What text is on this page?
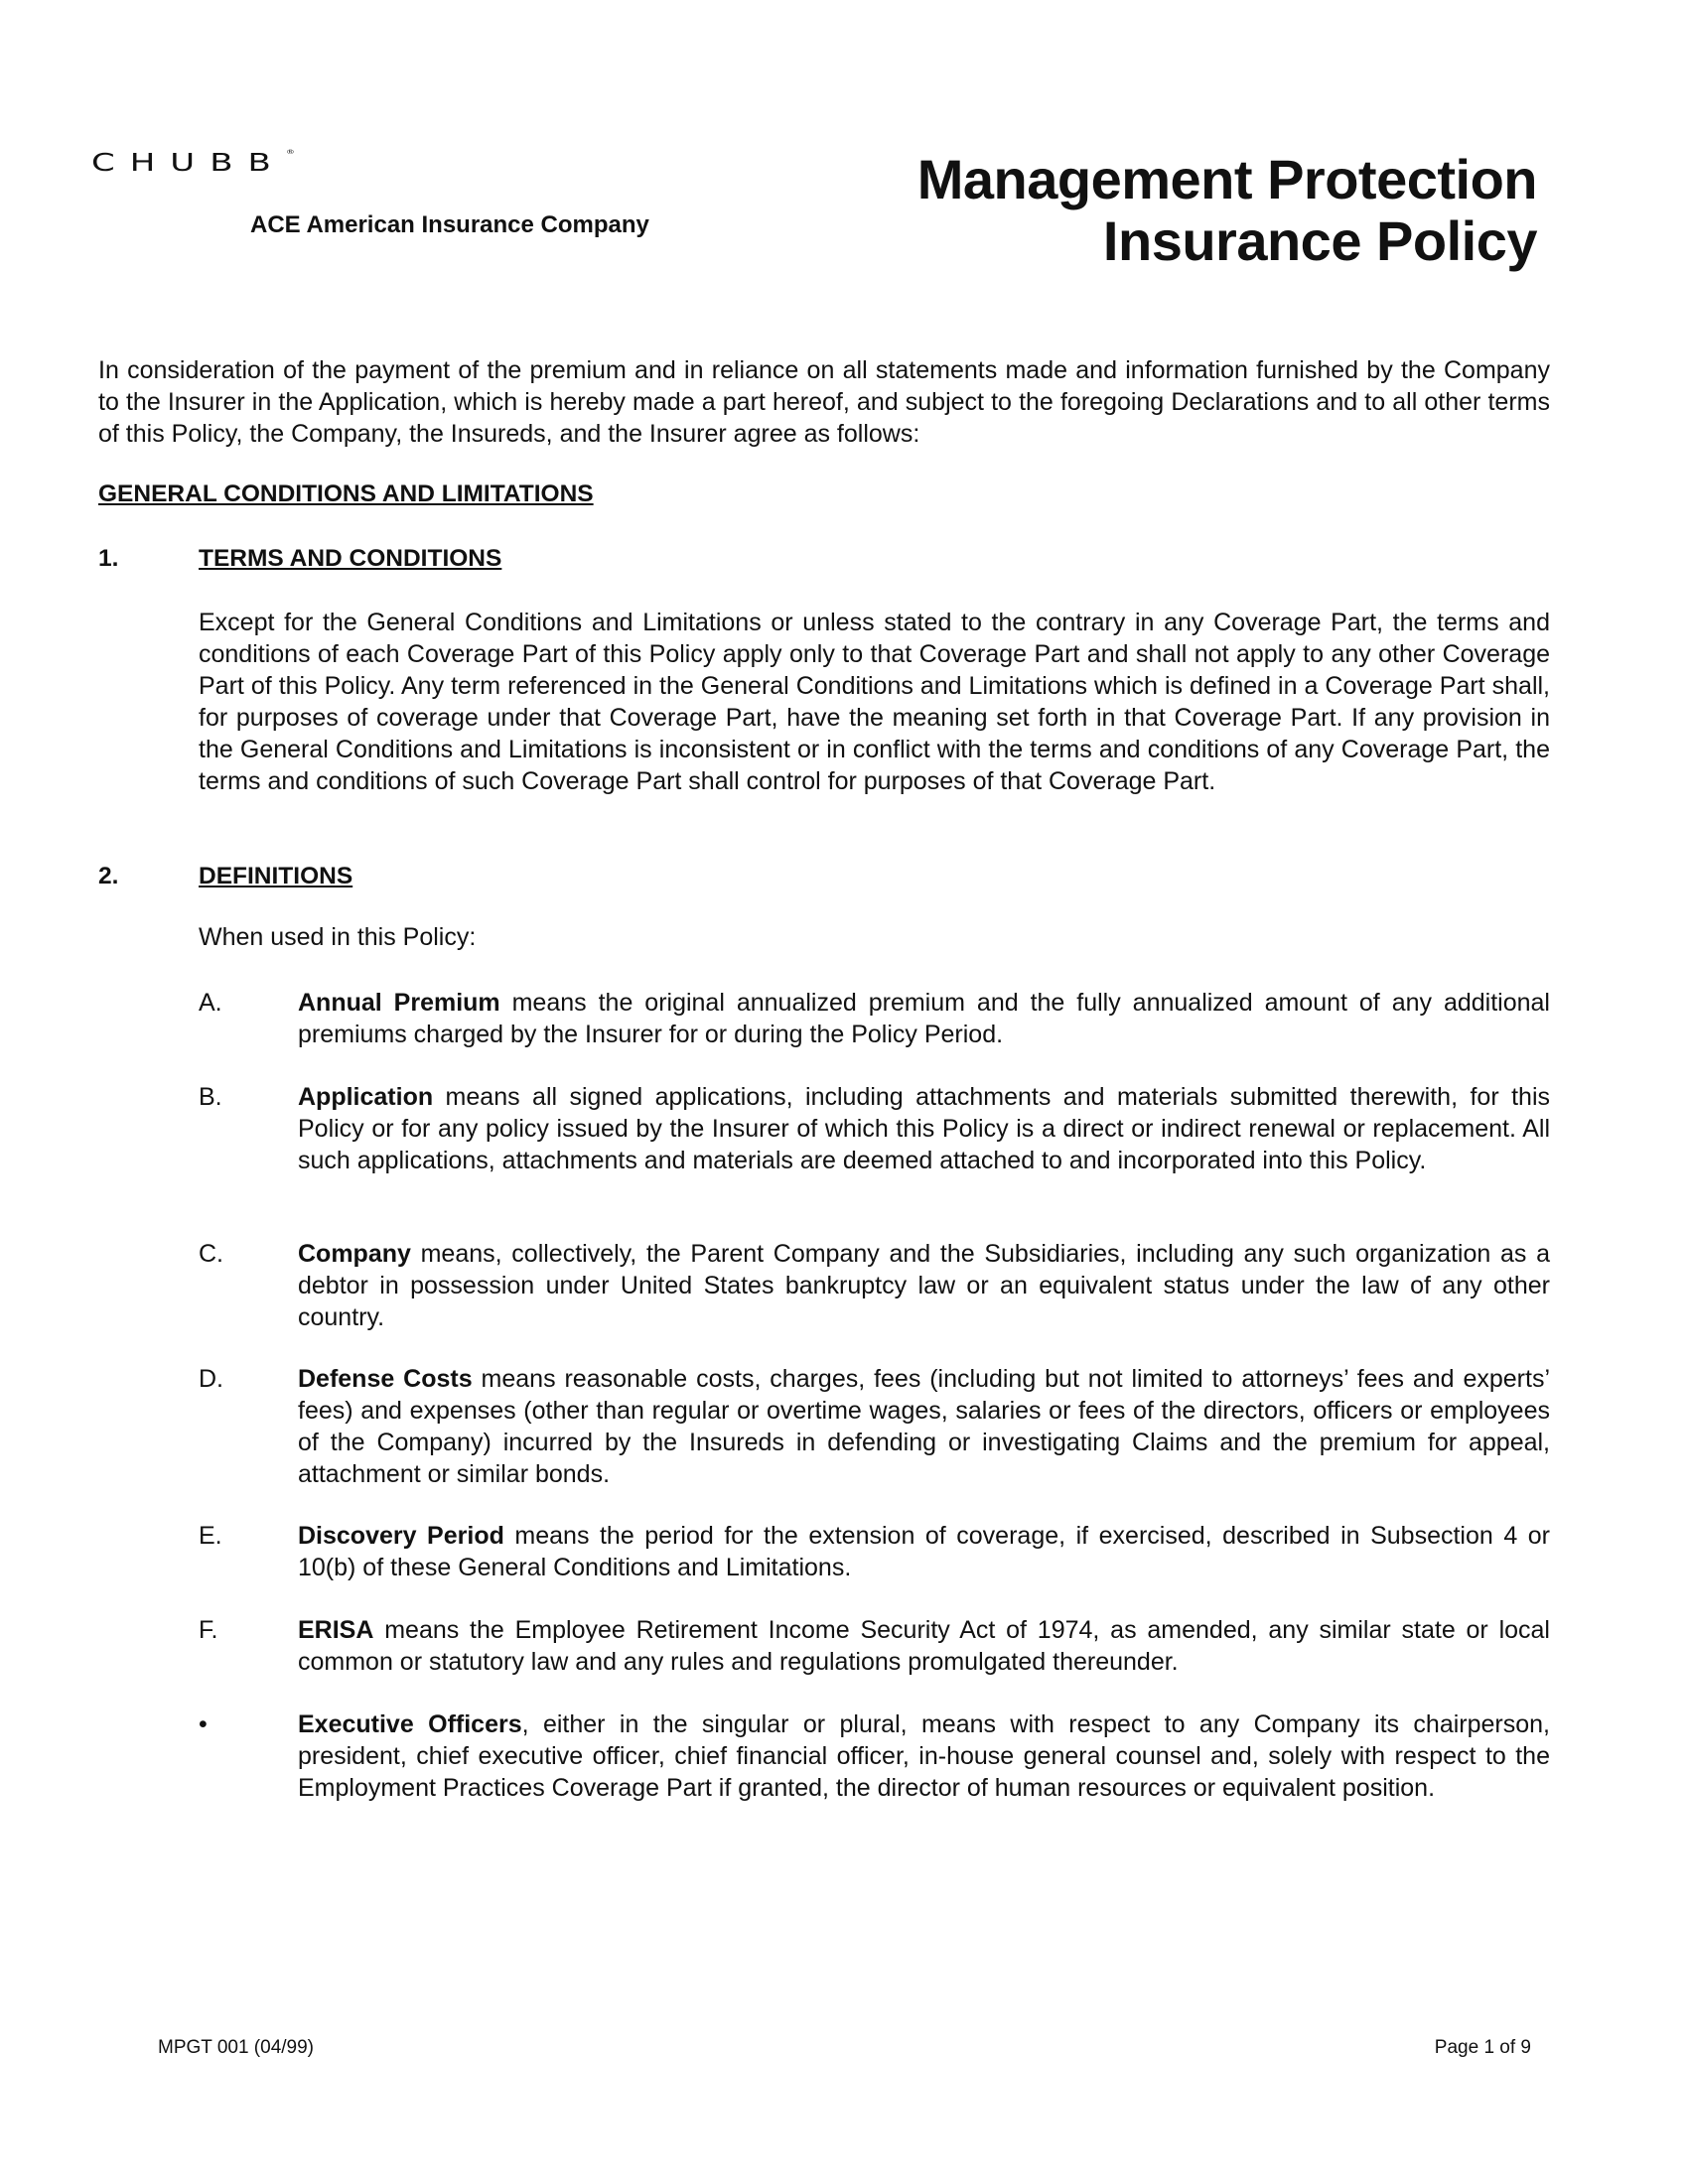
CHUBB®
ACE American Insurance Company
Management Protection
Insurance Policy
In consideration of the payment of the premium and in reliance on all statements made and information furnished by the Company to the Insurer in the Application, which is hereby made a part hereof, and subject to the foregoing Declarations and to all other terms of this Policy, the Company, the Insureds, and the Insurer agree as follows:
GENERAL CONDITIONS AND LIMITATIONS
1.	TERMS AND CONDITIONS
Except for the General Conditions and Limitations or unless stated to the contrary in any Coverage Part, the terms and conditions of each Coverage Part of this Policy apply only to that Coverage Part and shall not apply to any other Coverage Part of this Policy. Any term referenced in the General Conditions and Limitations which is defined in a Coverage Part shall, for purposes of coverage under that Coverage Part, have the meaning set forth in that Coverage Part. If any provision in the General Conditions and Limitations is inconsistent or in conflict with the terms and conditions of any Coverage Part, the terms and conditions of such Coverage Part shall control for purposes of that Coverage Part.
2.	DEFINITIONS
When used in this Policy:
A.	Annual Premium means the original annualized premium and the fully annualized amount of any additional premiums charged by the Insurer for or during the Policy Period.
B.	Application means all signed applications, including attachments and materials submitted therewith, for this Policy or for any policy issued by the Insurer of which this Policy is a direct or indirect renewal or replacement. All such applications, attachments and materials are deemed attached to and incorporated into this Policy.
C.	Company means, collectively, the Parent Company and the Subsidiaries, including any such organization as a debtor in possession under United States bankruptcy law or an equivalent status under the law of any other country.
D.	Defense Costs means reasonable costs, charges, fees (including but not limited to attorneys’ fees and experts’ fees) and expenses (other than regular or overtime wages, salaries or fees of the directors, officers or employees of the Company) incurred by the Insureds in defending or investigating Claims and the premium for appeal, attachment or similar bonds.
E.	Discovery Period means the period for the extension of coverage, if exercised, described in Subsection 4 or 10(b) of these General Conditions and Limitations.
F.	ERISA means the Employee Retirement Income Security Act of 1974, as amended, any similar state or local common or statutory law and any rules and regulations promulgated thereunder.
•	Executive Officers, either in the singular or plural, means with respect to any Company its chairperson, president, chief executive officer, chief financial officer, in-house general counsel and, solely with respect to the Employment Practices Coverage Part if granted, the director of human resources or equivalent position.
MPGT 001 (04/99)	Page 1 of 9
